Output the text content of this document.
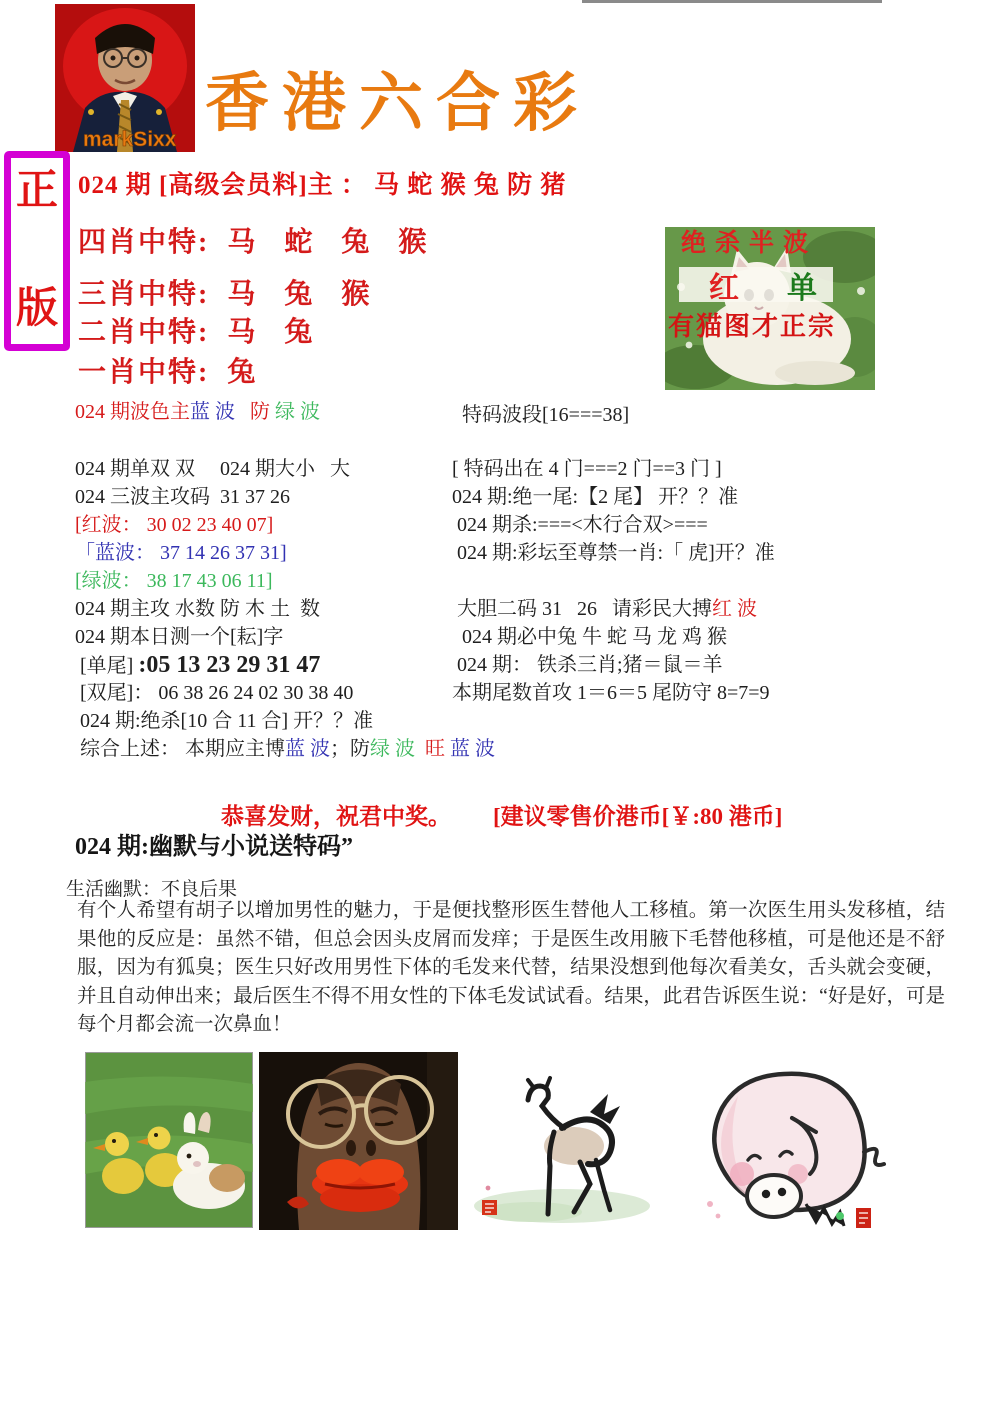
markSixx
香港六合彩
正
版
024 期 [高级会员料]主 ： 马 蛇 猴 兔 防 猪
四肖中特:  马   蛇   兔   猴
三肖中特:  马   兔   猴
二肖中特:  马   兔
一肖中特:  兔
绝杀半波
红 单
有猫图才正宗
024 期波色主蓝 波   防 绿 波	特码波段[16===38]
024 期单双 双     024 期大小   大
024 三波主攻码  31 37 26
[红波： 30 02 23 40 07]
「蓝波： 37 14 26 37 31]
[绿波： 38 17 43 06 11]
024 期主攻 水数 防 木 土  数
024 期本日测一个[耘]字
[单尾] :05 13 23 29 31 47
[双尾]： 06 38 26 24 02 30 38 40
024 期:绝杀[10 合 11 合] 开？？准
综合上述： 本期应主博蓝 波；防绿 波 旺 蓝 波
[ 特码出在 4 门===2 门==3 门 ]
024 期:绝一尾:【2 尾】 开？？准
024 期杀:===<木行合双>===
024 期:彩坛至尊禁一肖:「 虎]开？准
大胆二码 31   26   请彩民大搏红 波
024 期必中兔 牛 蛇 马 龙 鸡 猴
024 期： 铁杀三肖;猪＝鼠＝羊
本期尾数首攻 1＝6＝5 尾防守 8=7=9

恭喜发财，祝君中奖。 [建议零售价港币[￥:80 港币]

024 期:幽默与小说送特码”
生活幽默：不良后果
有个人希望有胡子以增加男性的魅力，于是便找整形医生替他人工移植。第一次医生用头发移植，结果他的反应是：虽然不错，但总会因头皮屑而发痒；于是医生改用腋下毛替他移植，可是他还是不舒服，因为有狐臭；医生只好改用男性下体的毛发来代替，结果没想到他每次看美女，舌头就会变硬，并且自动伸出来；最后医生不得不用女性的下体毛发试试看。结果，此君告诉医生说：“好是好，可是每个月都会流一次鼻血！
